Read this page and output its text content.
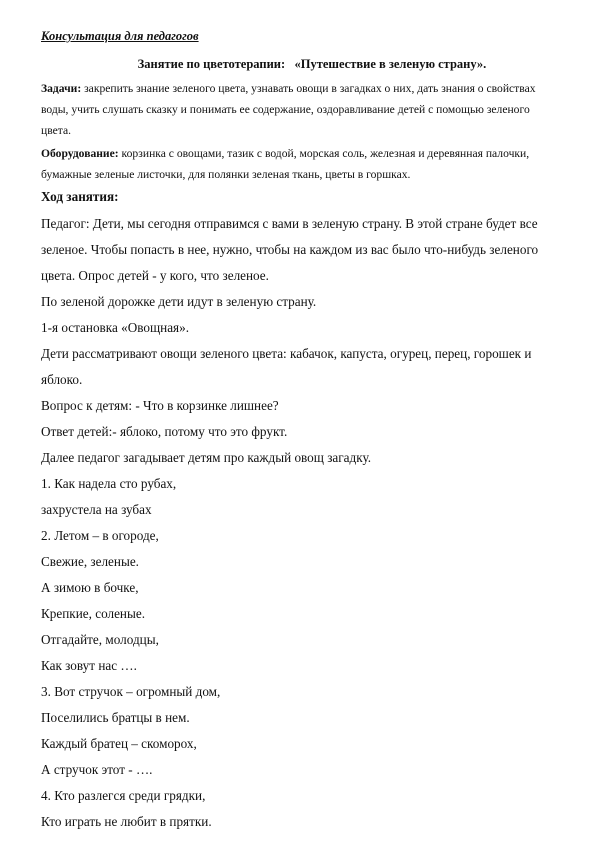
Консультация для педагогов

Занятие по цветотерапии:   «Путешествие в зеленую страну».

Задачи: закрепить знание зеленого цвета, узнавать овощи в загадках о них, дать знания о свойствах воды, учить слушать сказку и понимать ее содержание, оздоравливание детей с помощью зеленого цвета.

Оборудование: корзинка с овощами, тазик с водой, морская соль, железная и деревянная палочки, бумажные зеленые листочки, для полянки зеленая ткань, цветы в горшках.

Ход занятия:

Педагог: Дети, мы сегодня отправимся с вами в зеленую страну. В этой стране будет все зеленое. Чтобы попасть в нее, нужно, чтобы на каждом из вас было что-нибудь зеленого цвета. Опрос детей - у кого, что зеленое.

По зеленой дорожке дети идут в зеленую страну.

1-я остановка «Овощная».

Дети рассматривают овощи зеленого цвета: кабачок, капуста, огурец, перец, горошек и яблоко.

Вопрос к детям: - Что в корзинке лишнее?

Ответ детей:- яблоко, потому что это фрукт.

Далее педагог загадывает детям про каждый овощ загадку.

1. Как надела сто рубах,

захрустела на зубах

2. Летом – в огороде,

Свежие, зеленые.

А зимою в бочке,

Крепкие, соленые.

Отгадайте, молодцы,

Как зовут нас ….

3. Вот стручок – огромный дом,

Поселились братцы в нем.

Каждый братец – скоморох,

А стручок этот - ….

4. Кто разлегся среди грядки,

Кто играть не любит в прятки.
